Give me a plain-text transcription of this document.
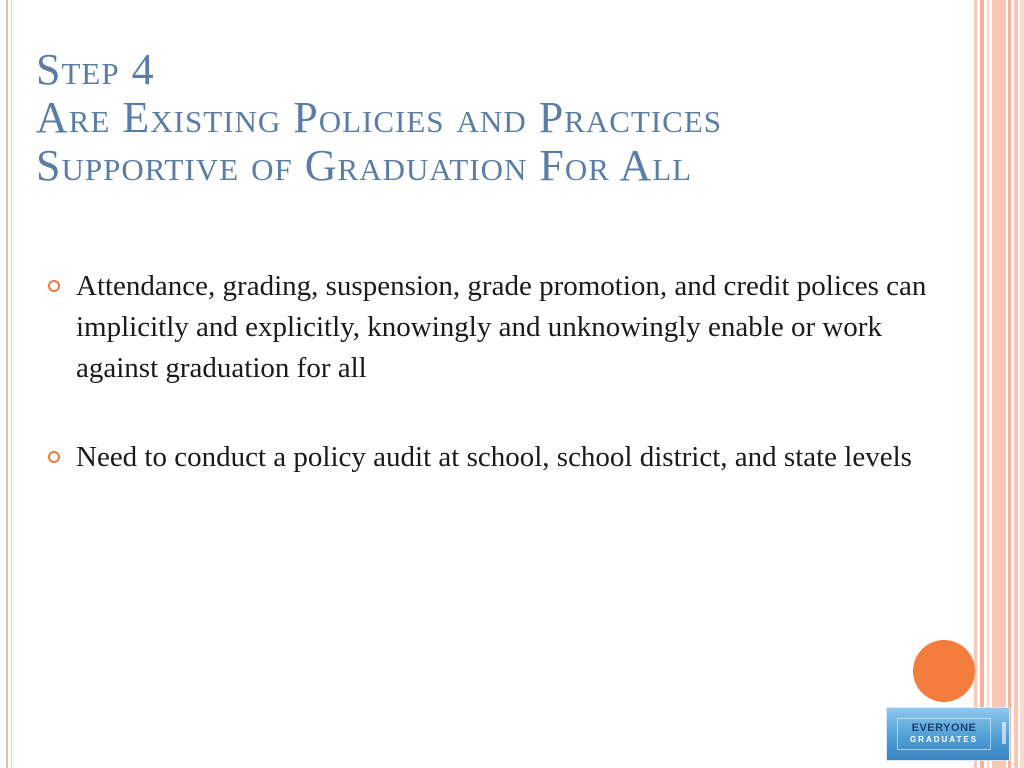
Step 4
Are Existing Policies and Practices
Supportive of Graduation For All
Attendance, grading, suspension, grade promotion, and credit polices can implicitly and explicitly, knowingly and unknowingly enable or work against graduation for all
Need to conduct a policy audit at school, school district, and state levels
EVERYONE
GRADUATES
